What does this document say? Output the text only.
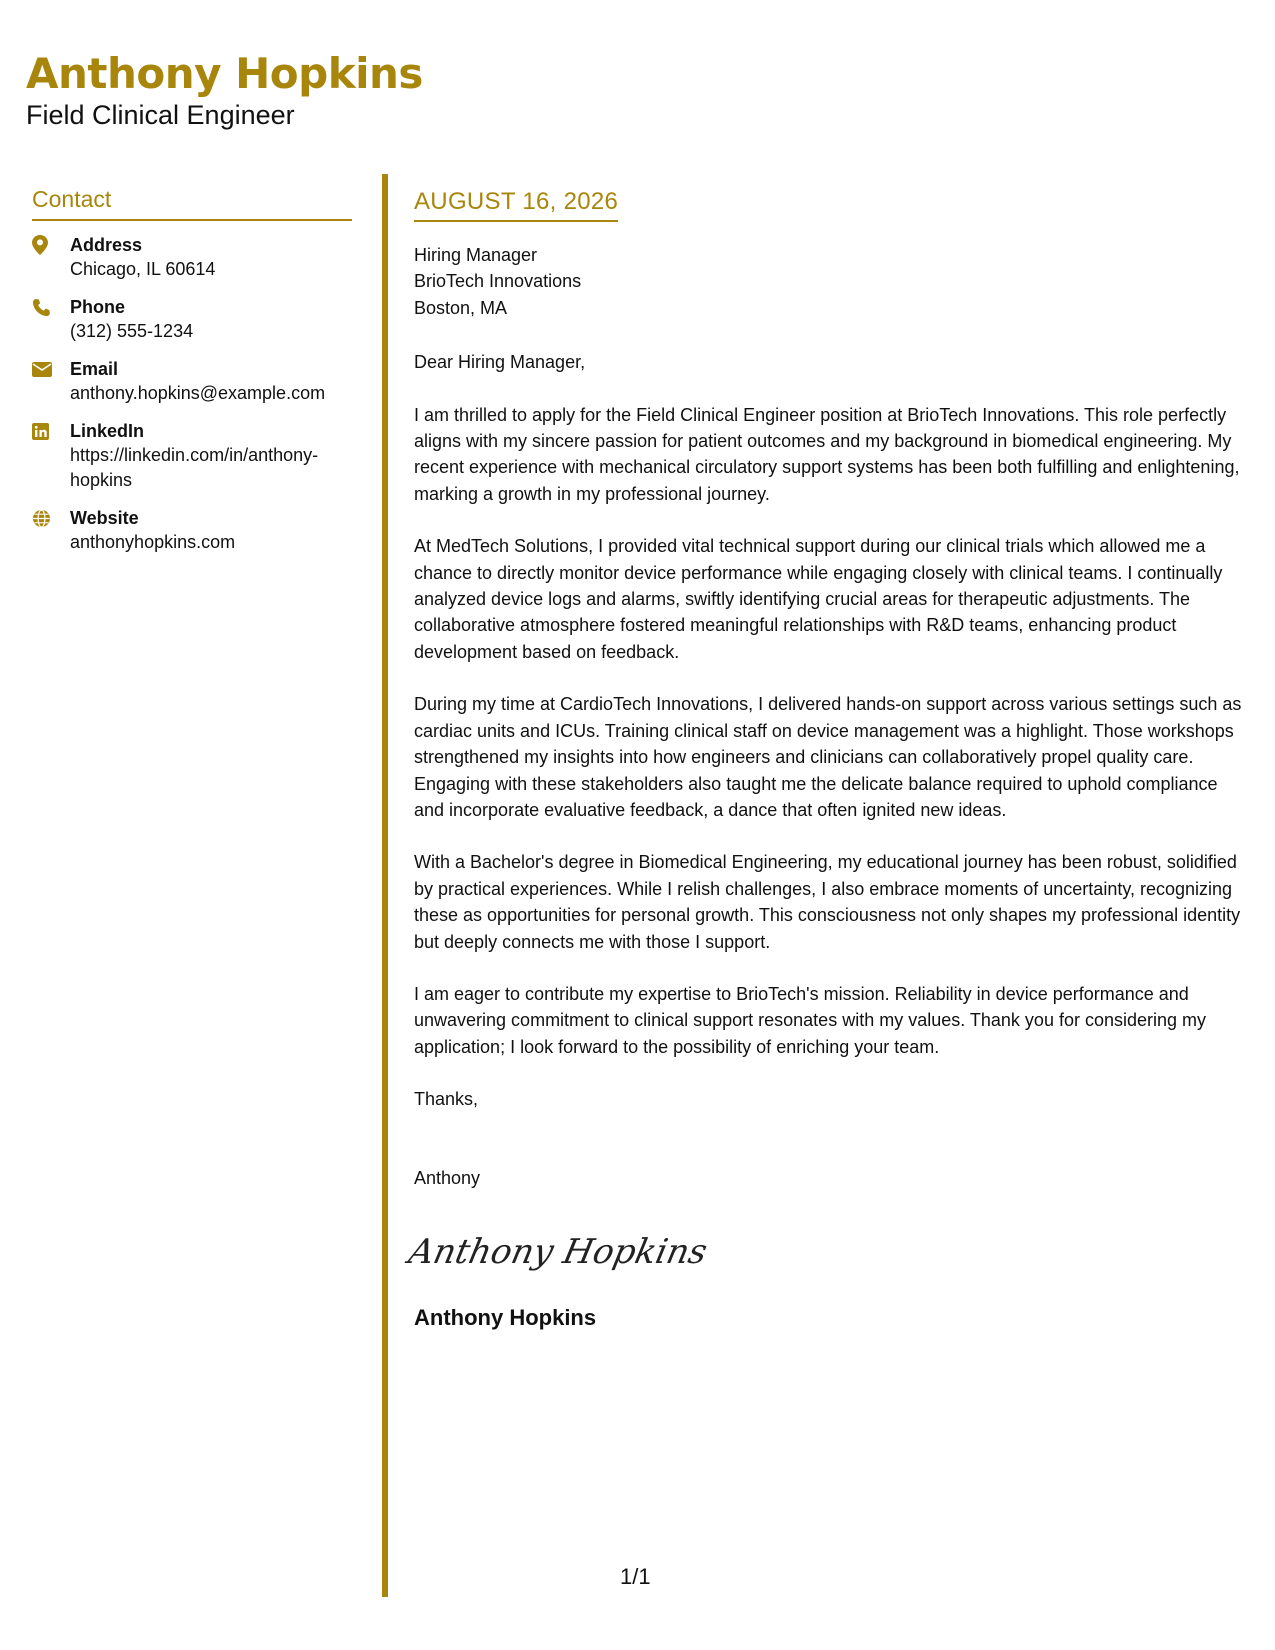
Anthony Hopkins
Field Clinical Engineer
Contact
Address
Chicago, IL 60614
Phone
(312) 555-1234
Email
anthony.hopkins@example.com
LinkedIn
https://linkedin.com/in/anthony-hopkins
Website
anthonyhopkins.com
AUGUST 16, 2026
Hiring Manager
BrioTech Innovations
Boston, MA
Dear Hiring Manager,
I am thrilled to apply for the Field Clinical Engineer position at BrioTech Innovations. This role perfectly aligns with my sincere passion for patient outcomes and my background in biomedical engineering. My recent experience with mechanical circulatory support systems has been both fulfilling and enlightening, marking a growth in my professional journey.
At MedTech Solutions, I provided vital technical support during our clinical trials which allowed me a chance to directly monitor device performance while engaging closely with clinical teams. I continually analyzed device logs and alarms, swiftly identifying crucial areas for therapeutic adjustments. The collaborative atmosphere fostered meaningful relationships with R&D teams, enhancing product development based on feedback.
During my time at CardioTech Innovations, I delivered hands-on support across various settings such as cardiac units and ICUs. Training clinical staff on device management was a highlight. Those workshops strengthened my insights into how engineers and clinicians can collaboratively propel quality care. Engaging with these stakeholders also taught me the delicate balance required to uphold compliance and incorporate evaluative feedback, a dance that often ignited new ideas.
With a Bachelor's degree in Biomedical Engineering, my educational journey has been robust, solidified by practical experiences. While I relish challenges, I also embrace moments of uncertainty, recognizing these as opportunities for personal growth. This consciousness not only shapes my professional identity but deeply connects me with those I support.
I am eager to contribute my expertise to BrioTech's mission. Reliability in device performance and unwavering commitment to clinical support resonates with my values. Thank you for considering my application; I look forward to the possibility of enriching your team.
Thanks,
Anthony
Anthony Hopkins
Anthony Hopkins
1/1
